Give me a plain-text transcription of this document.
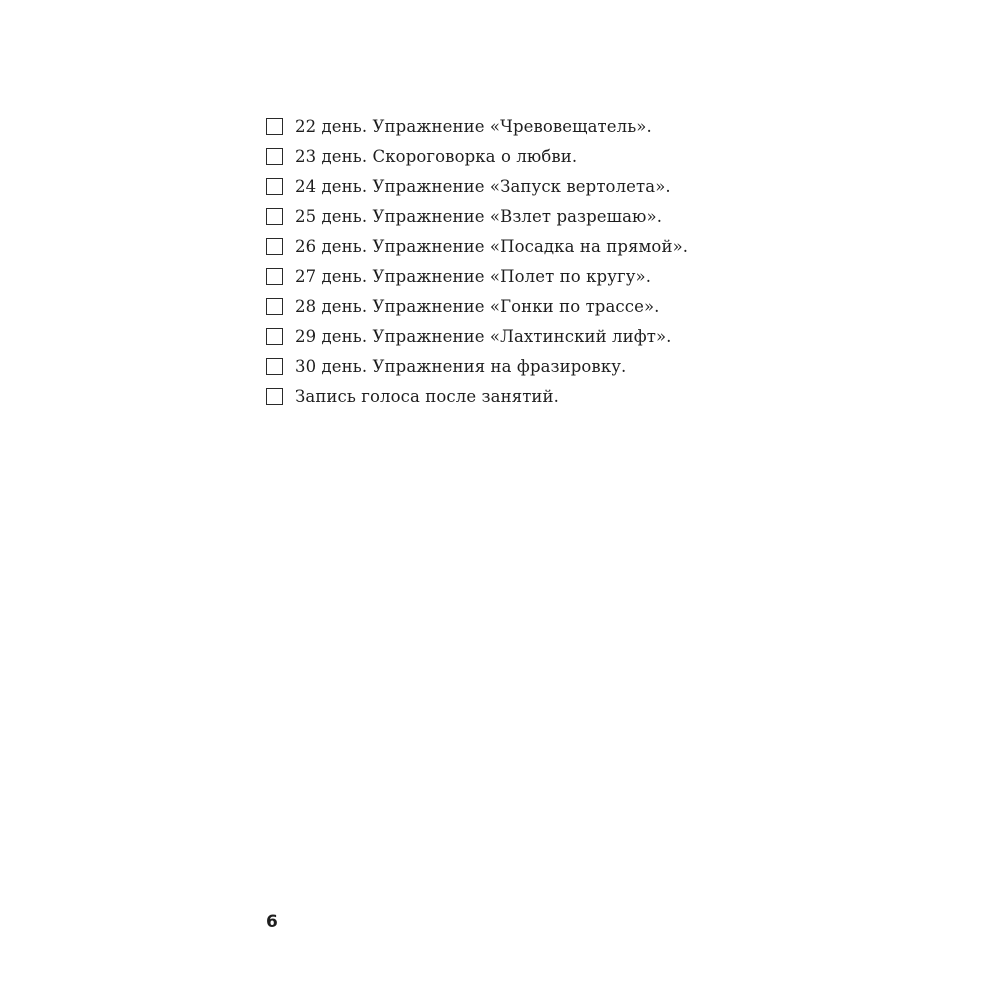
22 день. Упражнение «Чревовещатель».
23 день. Скороговорка о любви.
24 день. Упражнение «Запуск вертолета».
25 день. Упражнение «Взлет разрешаю».
26 день. Упражнение «Посадка на прямой».
27 день. Упражнение «Полет по кругу».
28 день. Упражнение «Гонки по трассе».
29 день. Упражнение «Лахтинский лифт».
30 день. Упражнения на фразировку.
Запись голоса после занятий.
6
